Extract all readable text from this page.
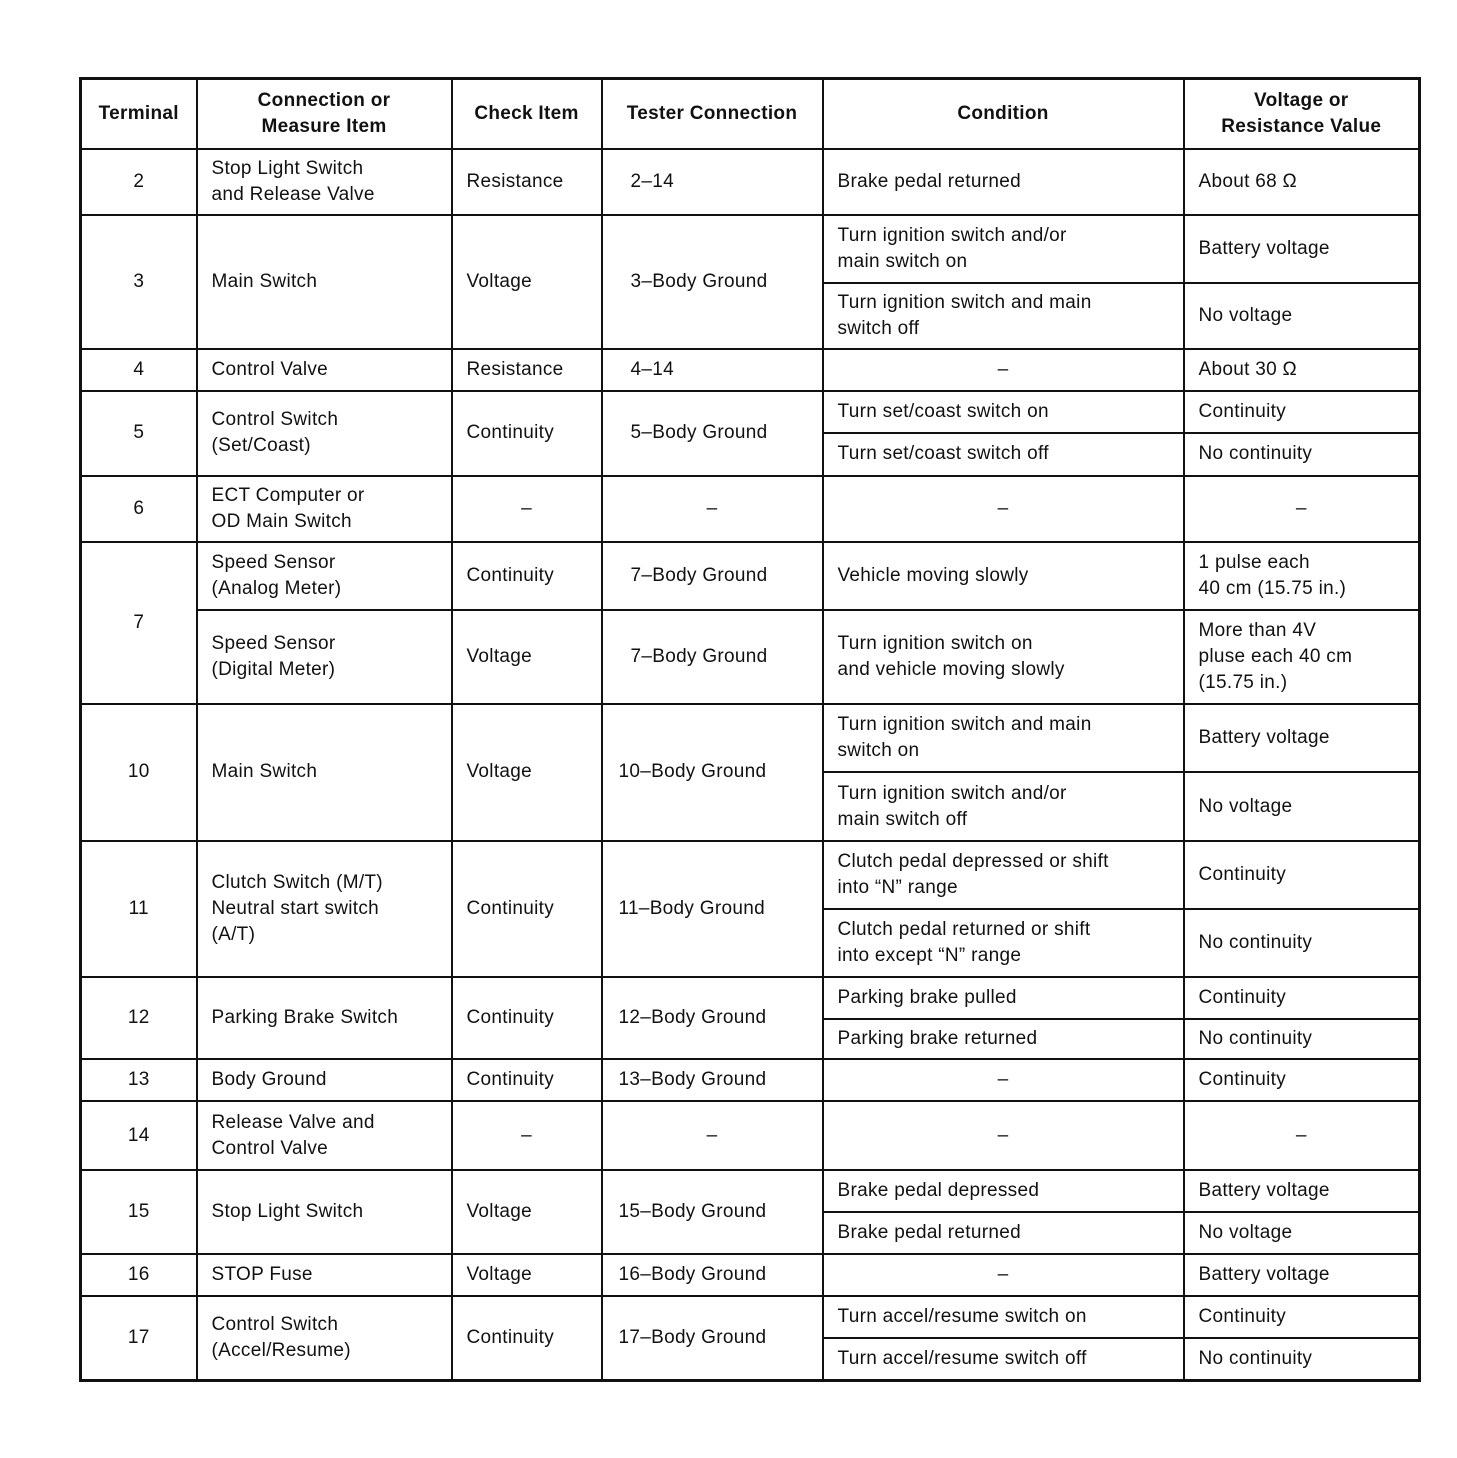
Terminal	Connection or
Measure Item	Check Item	Tester Connection	Condition	Voltage or
Resistance Value
2	Stop Light Switch
and Release Valve	Resistance	2–14	Brake pedal returned	About 68 Ω
3	Main Switch	Voltage	3–Body Ground	Turn ignition switch and/or
main switch on	Battery voltage
				Turn ignition switch and main
switch off	No voltage
4	Control Valve	Resistance	4–14	–	About 30 Ω
5	Control Switch
(Set/Coast)	Continuity	5–Body Ground	Turn set/coast switch on	Continuity
				Turn set/coast switch off	No continuity
6	ECT Computer or
OD Main Switch	–	–	–	–
7	Speed Sensor
(Analog Meter)	Continuity	7–Body Ground	Vehicle moving slowly	1 pulse each
40 cm (15.75 in.)
	Speed Sensor
(Digital Meter)	Voltage	7–Body Ground	Turn ignition switch on
and vehicle moving slowly	More than 4V
pluse each 40 cm
(15.75 in.)
10	Main Switch	Voltage	10–Body Ground	Turn ignition switch and main
switch on	Battery voltage
				Turn ignition switch and/or
main switch off	No voltage
11	Clutch Switch (M/T)
Neutral start switch
(A/T)	Continuity	11–Body Ground	Clutch pedal depressed or shift
into “N” range	Continuity
				Clutch pedal returned or shift
into except “N” range	No continuity
12	Parking Brake Switch	Continuity	12–Body Ground	Parking brake pulled	Continuity
				Parking brake returned	No continuity
13	Body Ground	Continuity	13–Body Ground	–	Continuity
14	Release Valve and
Control Valve	–	–	–	–
15	Stop Light Switch	Voltage	15–Body Ground	Brake pedal depressed	Battery voltage
				Brake pedal returned	No voltage
16	STOP Fuse	Voltage	16–Body Ground	–	Battery voltage
17	Control Switch
(Accel/Resume)	Continuity	17–Body Ground	Turn accel/resume switch on	Continuity
				Turn accel/resume switch off	No continuity
